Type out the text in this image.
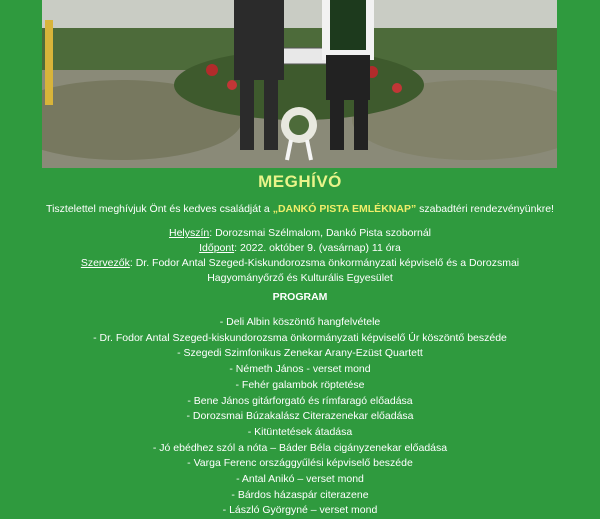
MEGHÍVÓ
Tisztelettel meghívjuk Önt és kedves családját a „DANKÓ PISTA EMLÉKNAP” szabadtéri rendezvényünkre!
Helyszín: Dorozsmai Szélmalom, Dankó Pista szobornál
Időpont: 2022. október 9. (vasárnap) 11 óra
Szervezők: Dr. Fodor Antal Szeged-Kiskundorozsma önkormányzati képviselő és a Dorozsmai
Hagyományőrző és Kulturális Egyesület
PROGRAM
- Deli Albin köszöntő hangfelvétele
- Dr. Fodor Antal Szeged-kiskundorozsma önkormányzati képviselő Úr köszöntő beszéde
- Szegedi Szimfonikus Zenekar Arany-Ezüst Quartett
- Németh János - verset mond
- Fehér galambok röptetése
- Bene János gitárforgató és rímfaragó előadása
- Dorozsmai Búzakalász Citerazenekar előadása
- Kitüntetések átadása
- Jó ebédhez szól a nóta – Báder Béla cigányzenekar előadása
- Varga Ferenc országgyűlési képviselő beszéde
- Antal Anikó – verset mond
- Bárdos házaspár citerazene
- László Györgyné – verset mond
